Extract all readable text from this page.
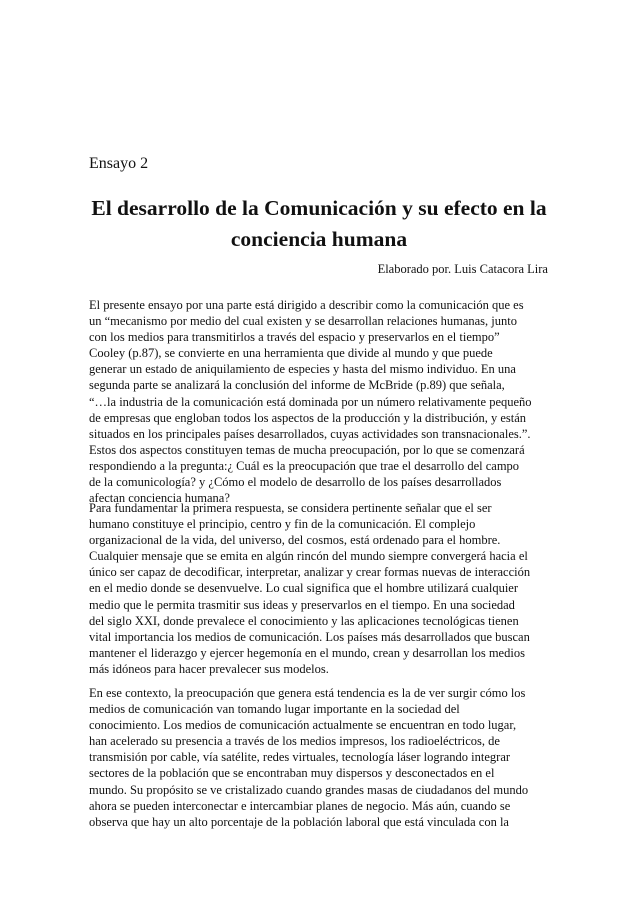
Ensayo 2

El desarrollo de la Comunicación y su efecto en la
conciencia humana

Elaborado por. Luis Catacora Lira

El presente ensayo por una parte está dirigido a describir como la comunicación que es
un “mecanismo por medio del cual existen y se desarrollan relaciones humanas, junto
con los medios para transmitirlos a través del espacio y preservarlos en el tiempo”
Cooley (p.87), se convierte en una herramienta que divide al mundo y que puede
generar un estado de aniquilamiento de especies y hasta del mismo individuo. En una
segunda parte se analizará la conclusión del informe de McBride (p.89) que señala,
“…la industria de la comunicación está dominada por un número relativamente pequeño
de empresas que engloban todos los aspectos de la producción y la distribución, y están
situados en los principales países desarrollados, cuyas actividades son transnacionales.”.
Estos dos aspectos constituyen temas de mucha preocupación, por lo que se comenzará
respondiendo a la pregunta:¿ Cuál es la preocupación que trae el desarrollo del campo
de la comunicología? y ¿Cómo el modelo de desarrollo de los países desarrollados
afectan conciencia humana?

Para fundamentar la primera respuesta, se considera pertinente señalar que el ser
humano constituye el principio, centro y fin de la comunicación. El complejo
organizacional de la vida, del universo, del cosmos, está ordenado para el hombre.
Cualquier mensaje que se emita en algún rincón del mundo siempre convergerá hacia el
único ser capaz de decodificar, interpretar, analizar y crear formas nuevas de interacción
en el medio donde se desenvuelve. Lo cual significa que el hombre utilizará cualquier
medio que le permita trasmitir sus ideas y preservarlos en el tiempo. En una sociedad
del siglo XXI, donde prevalece el conocimiento y las aplicaciones tecnológicas tienen
vital importancia los medios de comunicación. Los países más desarrollados que buscan
mantener el liderazgo y ejercer hegemonía en el mundo, crean y desarrollan los medios
más idóneos para hacer prevalecer sus modelos.

En ese contexto, la preocupación que genera está tendencia es la de ver surgir cómo los
medios de comunicación van tomando lugar importante en la sociedad del
conocimiento. Los medios de comunicación actualmente se encuentran en todo lugar,
han acelerado su presencia a través de los medios impresos, los radioeléctricos, de
transmisión por cable, vía satélite, redes virtuales, tecnología láser logrando integrar
sectores de la población que se encontraban muy dispersos y desconectados en el
mundo. Su propósito se ve cristalizado cuando grandes masas de ciudadanos del mundo
ahora se pueden interconectar e intercambiar planes de negocio. Más aún, cuando se
observa que hay un alto porcentaje de la población laboral que está vinculada con la
